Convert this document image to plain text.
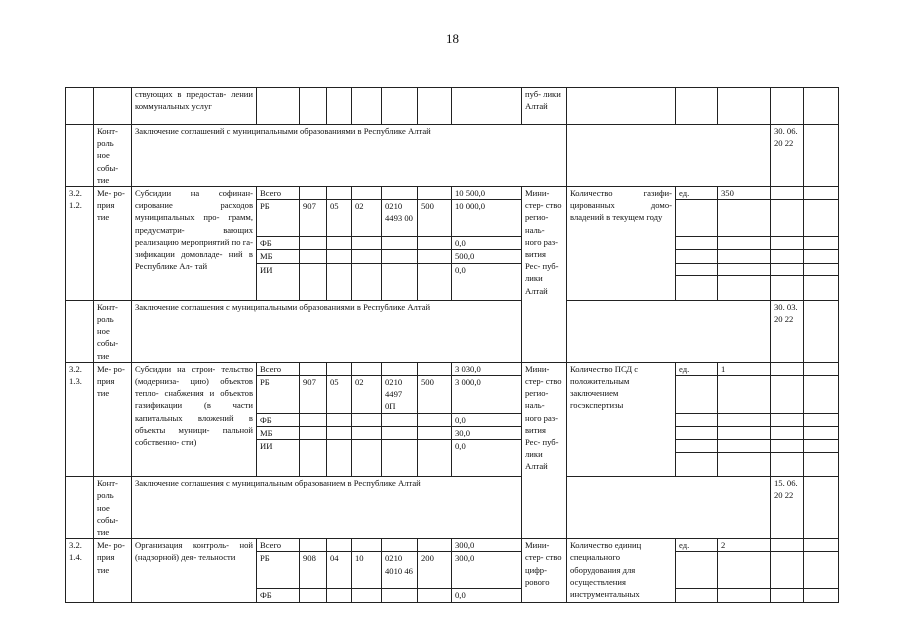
18
		ствующих в предостав- лении коммунальных услуг								пуб- лики Алтай					
	Конт- роль ное собы- тие	Заключение соглашений с муниципальными образованиями в Республике Алтай												30. 06. 20 22	
3.2. 1.2.	Ме- ро- прия тие	Субсидии на софинан- сирование расходов муниципальных про- грамм, предусматри- вающих реализацию мероприятий по га- зификации домовладе- ний в Республике Ал- тай	Всего						10 500,0	Мини- стер- ство регио- наль- ного раз- вития Рес- пуб- лики Алтай	Количество газифи- цированных домо- владений в текущем году	ед.	350		
			РБ	907	05	02	0210 4493 00	500	10 000,0						
			ФБ						0,0						
			МБ						500,0						
			ИИ						0,0						

	Конт- роль ное собы- тие	Заключение соглашения с муниципальными образованиями в Республике Алтай												30. 03. 20 22	
3.2. 1.3.	Ме- ро- прия тие	Субсидии на строи- тельство (модерниза- цию) объектов тепло- снабжения и объектов газификации (в части капитальных вложений в объекты муници- пальной собственно- сти)	Всего						3 030,0	Мини- стер- ство регио- наль- ного раз- вития Рес- пуб- лики Алтай	Количество ПСД с положительным заключением госэкспертизы	ед.	1		
			РБ	907	05	02	0210 4497 0П	500	3 000,0						
			ФБ						0,0						
			МБ						30,0						
			ИИ						0,0						

	Конт- роль ное собы- тие	Заключение соглашения с муниципальным образованием в Республике Алтай												15. 06. 20 22	
3.2. 1.4.	Ме- ро- прия тие	Организация контроль- ной (надзорной) дея- тельности	Всего						300,0	Мини- стер- ство цифр- рового	Количество единиц специального оборудования для осуществления инструментальных	ед.	2		
			РБ	908	04	10	0210 4010 46	200	300,0						
			ФБ						0,0						
